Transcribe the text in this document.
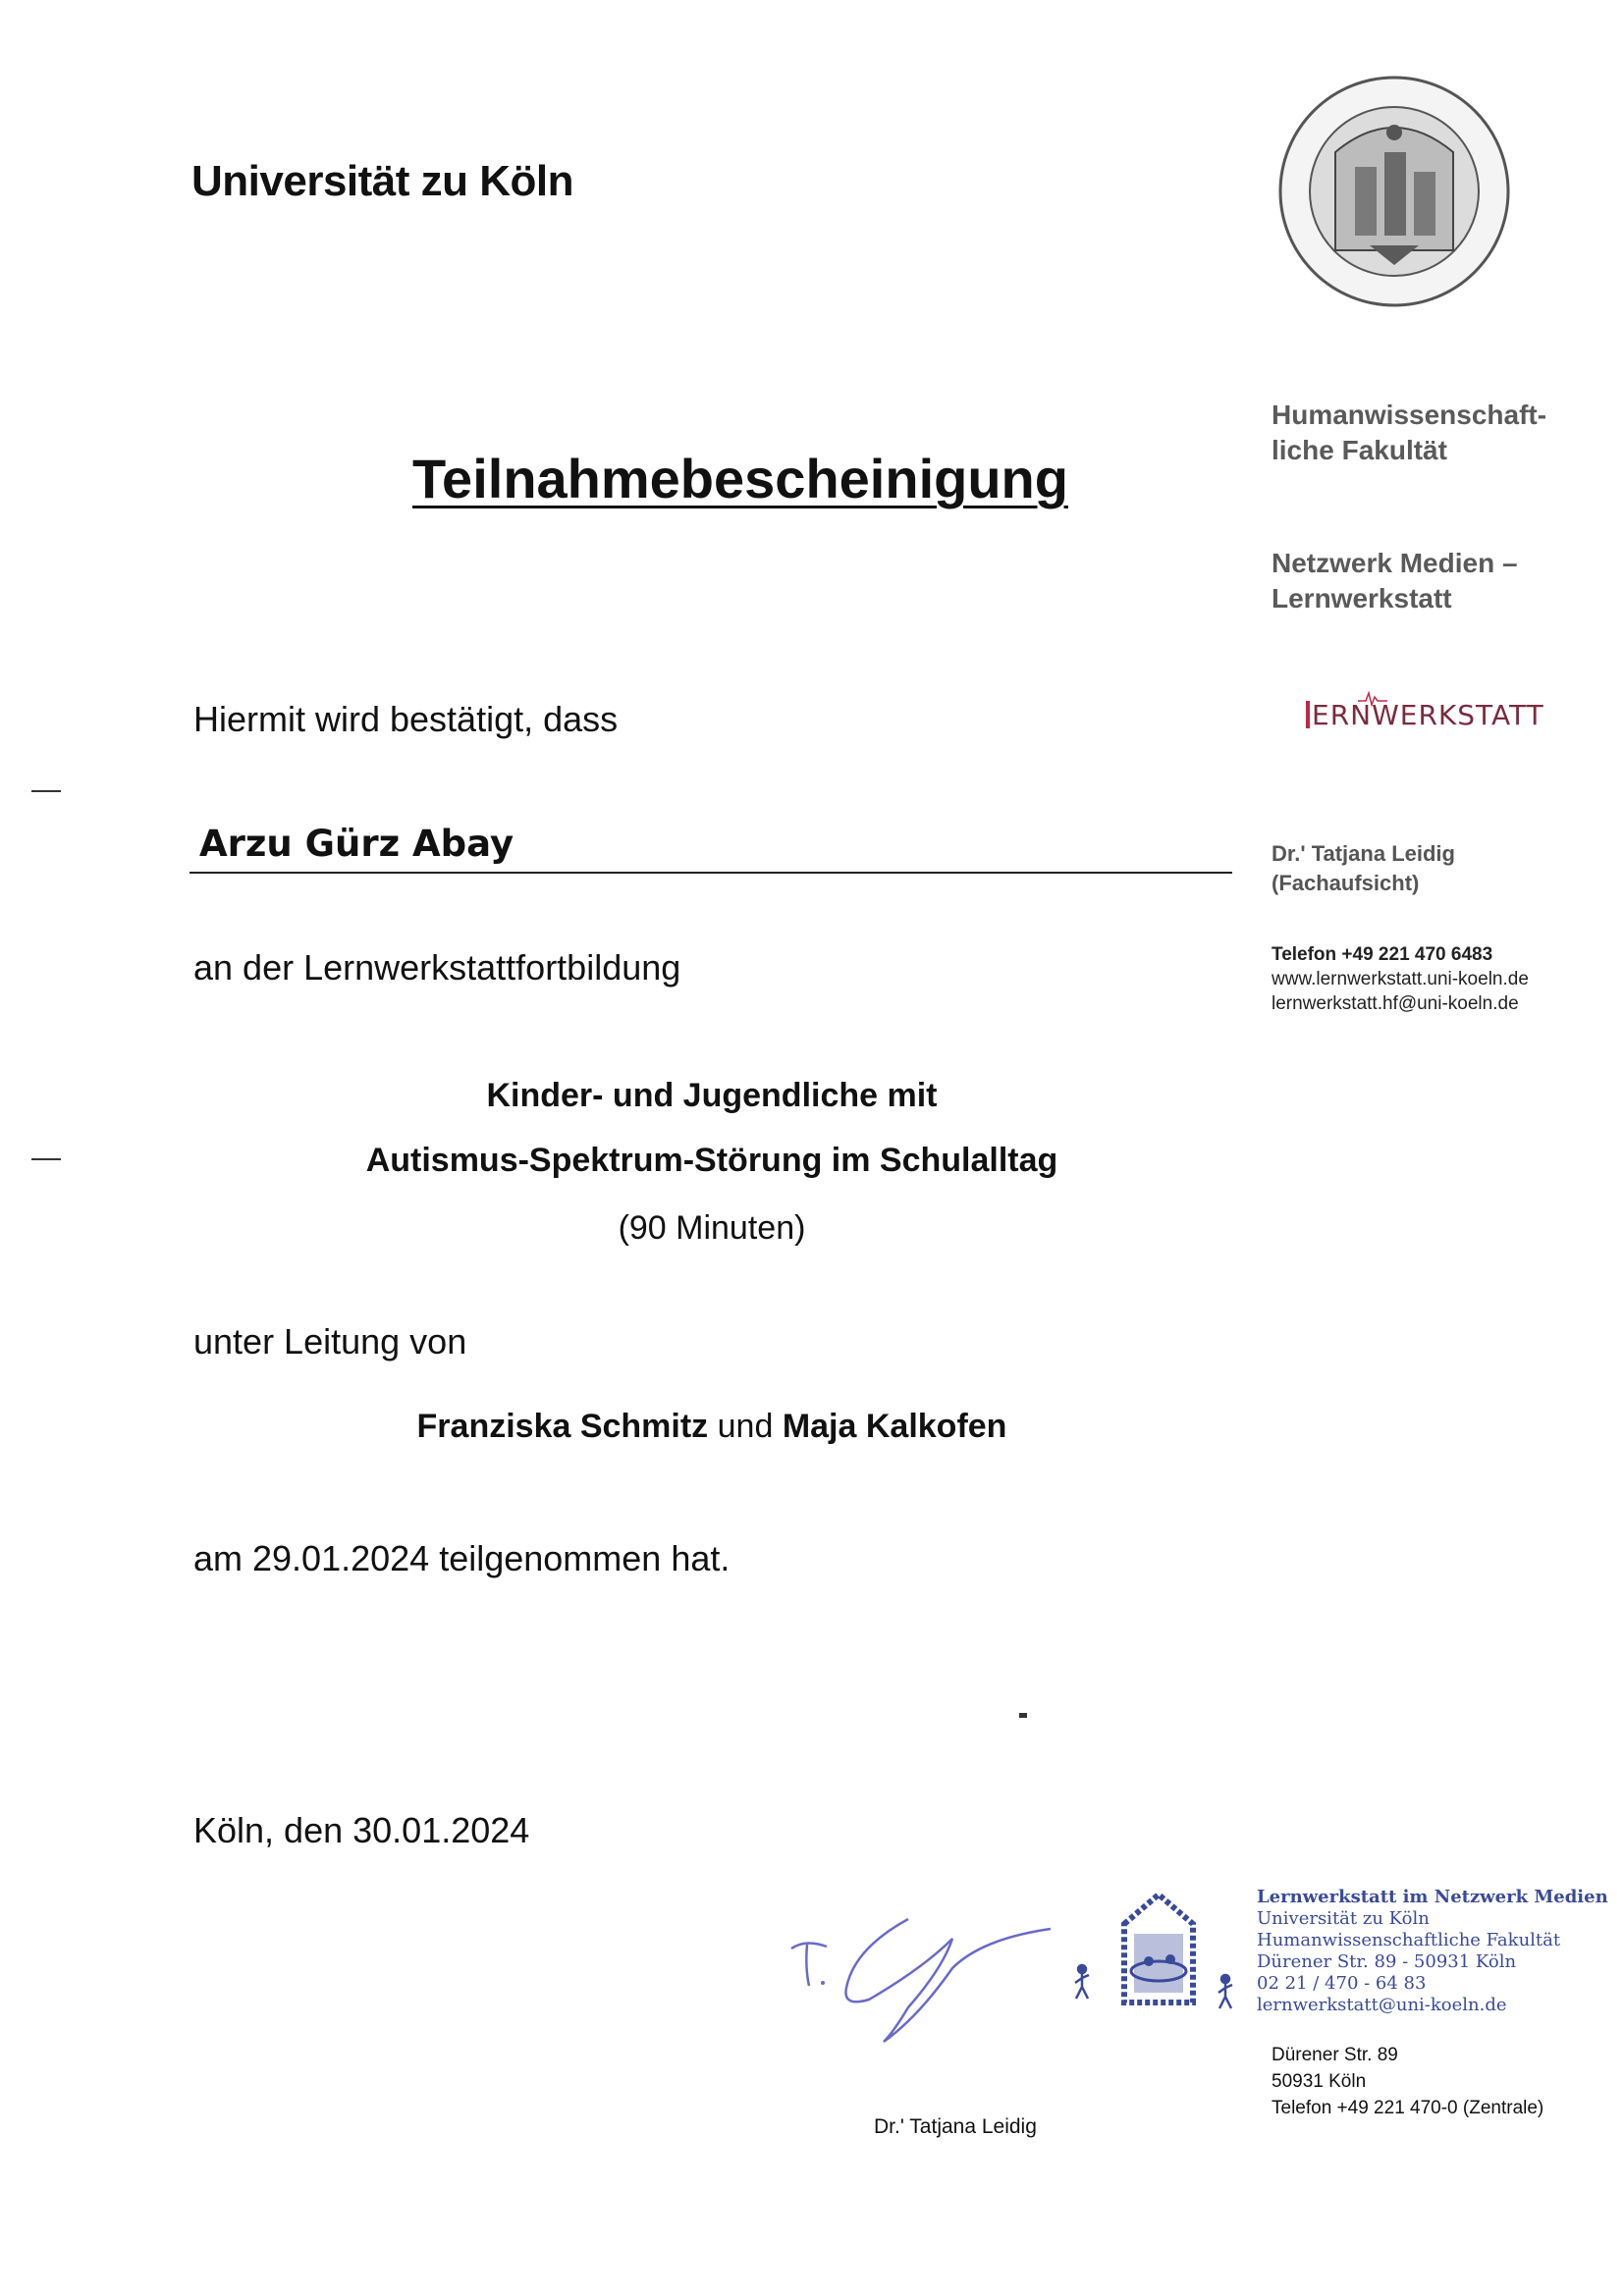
Universität zu Köln
Teilnahmebescheinigung
Hiermit wird bestätigt, dass
Arzu Gürz Abay
an der Lernwerkstattfortbildung
Kinder- und Jugendliche mit
Autismus-Spektrum-Störung im Schulalltag
(90 Minuten)
unter Leitung von
Franziska Schmitz und Maja Kalkofen
am 29.01.2024 teilgenommen hat.
Köln, den 30.01.2024
Humanwissenschaft-
liche Fakultät
Netzwerk Medien –
Lernwerkstatt
ERNWERKSTATT
Dr.' Tatjana Leidig
(Fachaufsicht)
Telefon +49 221 470 6483
www.lernwerkstatt.uni-koeln.de
lernwerkstatt.hf@uni-koeln.de
Lernwerkstatt im Netzwerk Medien
Universität zu Köln
Humanwissenschaftliche Fakultät
Dürener Str. 89 - 50931 Köln
02 21 / 470 - 64 83
lernwerkstatt@uni-koeln.de
Dürener Str. 89
50931 Köln
Telefon +49 221 470-0 (Zentrale)
Dr.' Tatjana Leidig
